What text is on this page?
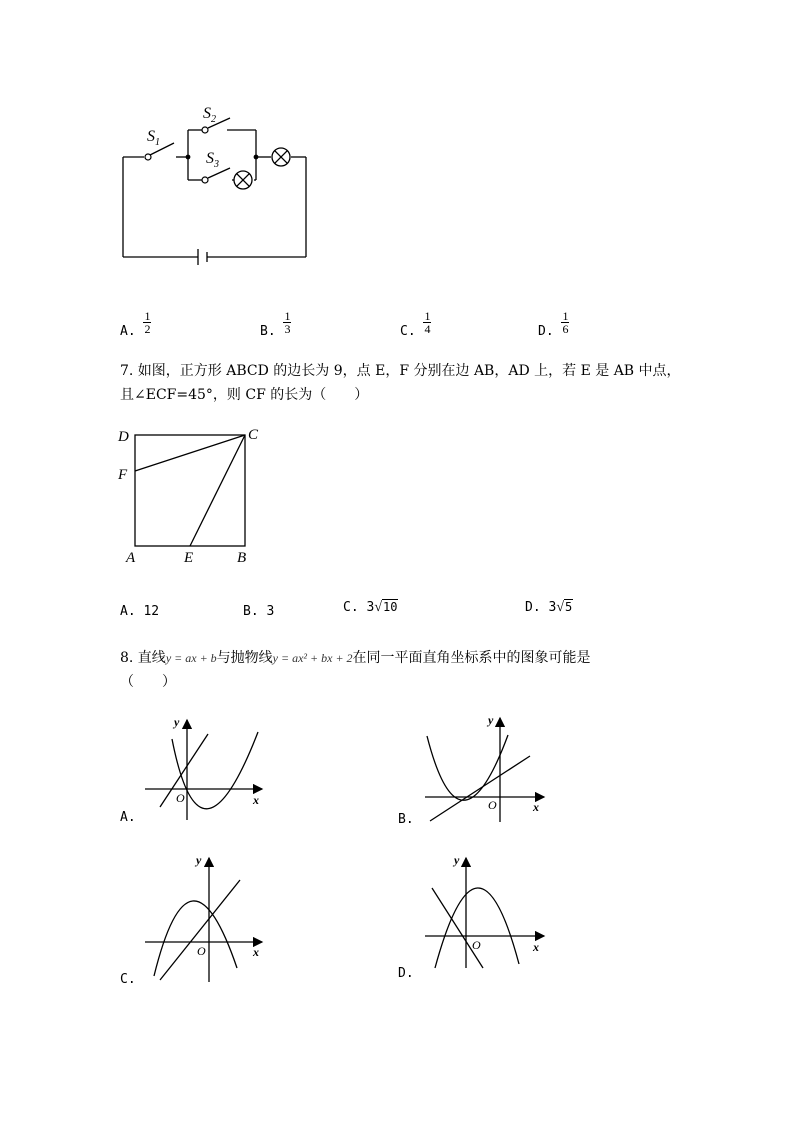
$S_1$
$S_2$
$S_3$
A. $\frac{1}{2}$	B. $\frac{1}{3}$	C. $\frac{1}{4}$	D. $\frac{1}{6}$
7. 如图，正方形 ABCD 的边长为 9，点 E，F 分别在边 AB，AD 上，若 E 是 AB 中点，
且∠ECF=45°，则 CF 的长为（　　）
D	C
F
A	E	B
A. 12	B. 3	C. 3√10	D. 3√5
8. 直线y = ax + b与抛物线y = ax² + bx + 2在同一平面直角坐标系中的图象可能是
（　　）
y
x
O
A.
y
x
O
B.
y
x
O
C.
y
x
O
D.
